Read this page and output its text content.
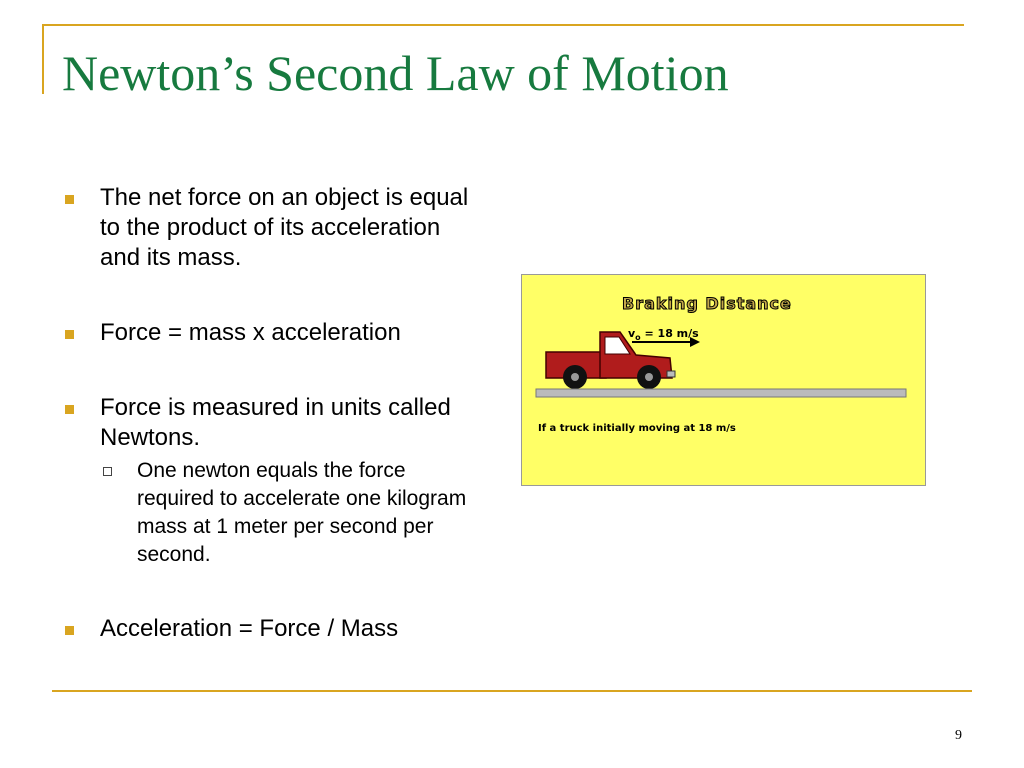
Newton’s Second Law of Motion
The net force on an object is equal to the product of its acceleration and its mass.
Force = mass x acceleration
Force is measured in units called Newtons.
One newton equals the force required to accelerate one kilogram mass at 1 meter per second per second.
Acceleration = Force / Mass
Braking Distance
$v_o = 18$ m/s
If a truck initially moving at 18 m/s
9
